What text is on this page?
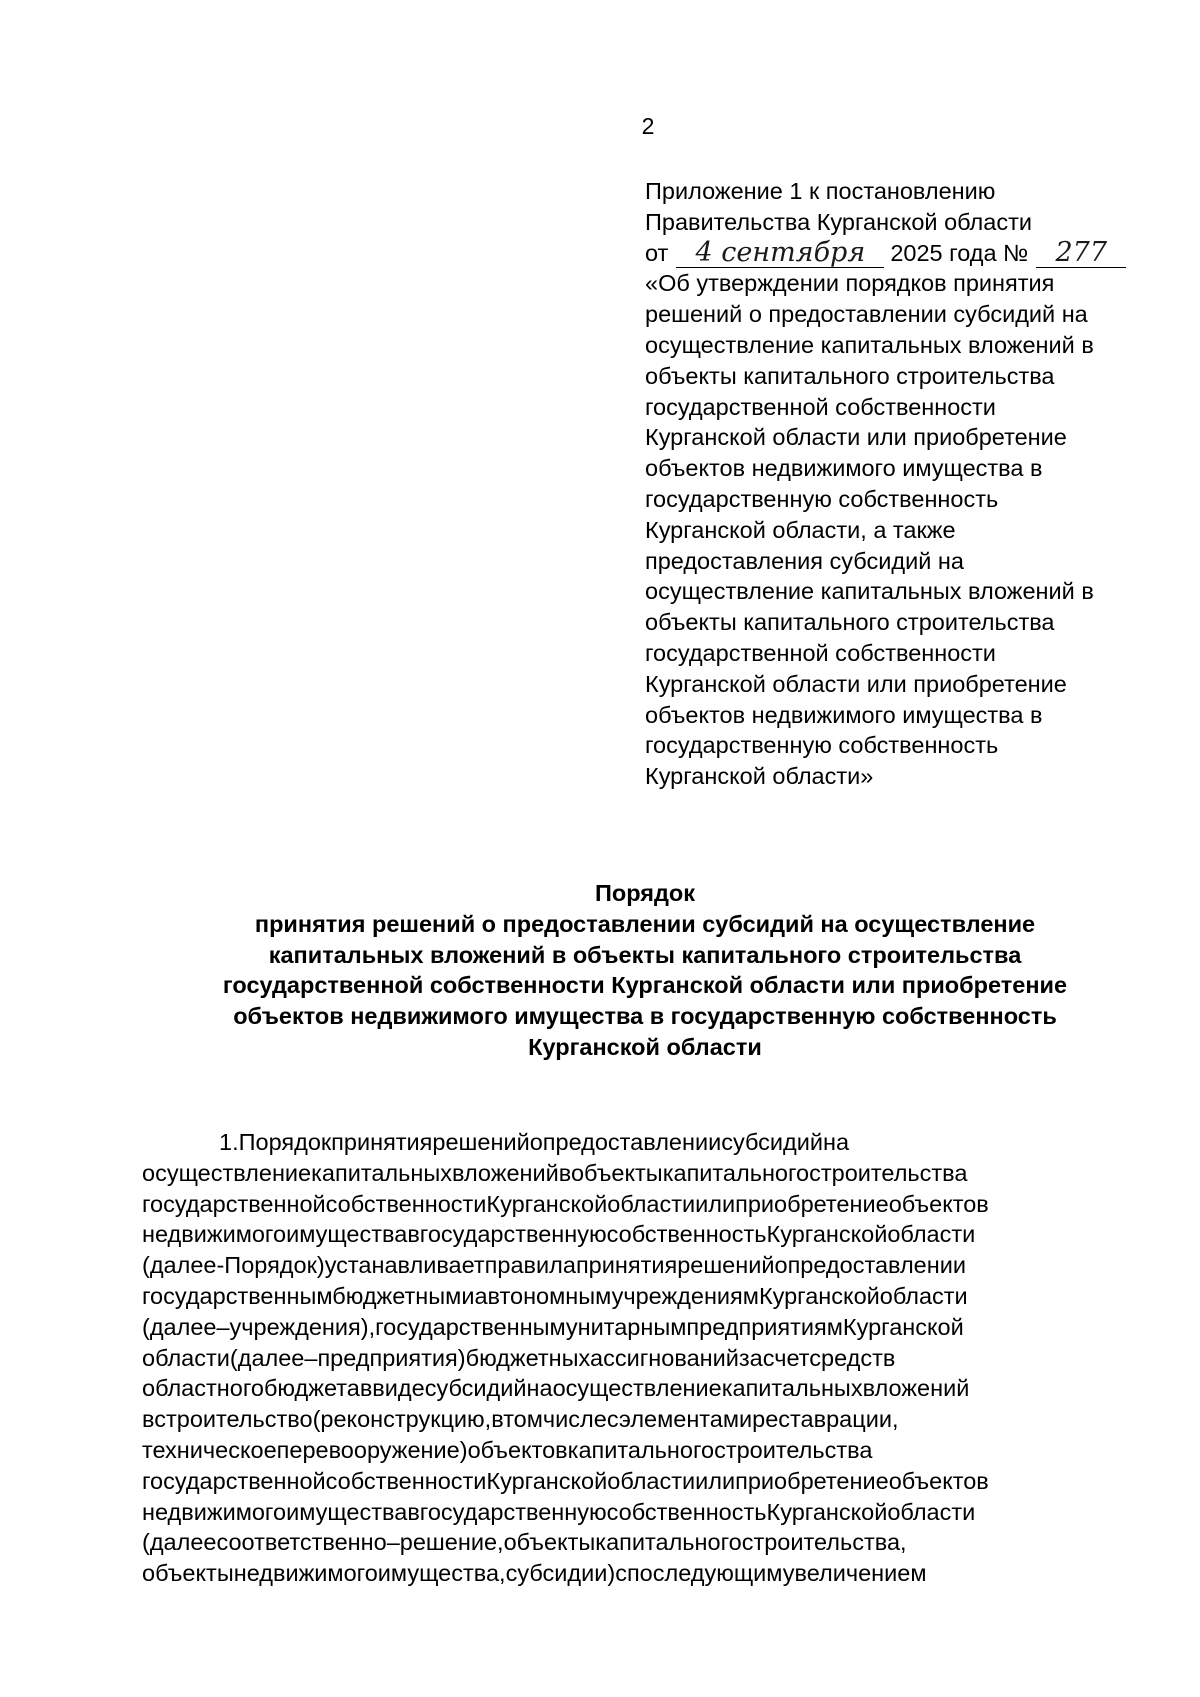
2
Приложение 1 к постановлению
Правительства Курганской области
от 4 сентября 2025 года № 277
«Об утверждении порядков принятия
решений о предоставлении субсидий на
осуществление капитальных вложений в
объекты капитального строительства
государственной собственности
Курганской области или приобретение
объектов недвижимого имущества в
государственную собственность
Курганской области, а также
предоставления субсидий на
осуществление капитальных вложений в
объекты капитального строительства
государственной собственности
Курганской области или приобретение
объектов недвижимого имущества в
государственную собственность
Курганской области»
Порядок
принятия решений о предоставлении субсидий на осуществление
капитальных вложений в объекты капитального строительства
государственной собственности Курганской области или приобретение
объектов недвижимого имущества в государственную собственность
Курганской области
1.Порядокпринятиярешенийопредоставлениисубсидийна
осуществлениекапитальныхвложенийвобъектыкапитальногостроительства
государственнойсобственностиКурганскойобластиилиприобретениеобъектов
недвижимогоимуществавгосударственнуюсобственностьКурганскойобласти
(далее-Порядок)устанавливаетправилапринятиярешенийопредоставлении
государственнымбюджетнымиавтономнымучреждениямКурганскойобласти
(далее–учреждения),государственнымунитарнымпредприятиямКурганской
области(далее–предприятия)бюджетныхассигнованийзасчетсредств
областногобюджетаввидесубсидийнаосуществлениекапитальныхвложений
встроительство(реконструкцию,втомчислесэлементамиреставрации,
техническоеперевооружение)объектовкапитальногостроительства
государственнойсобственностиКурганскойобластиилиприобретениеобъектов
недвижимогоимуществавгосударственнуюсобственностьКурганскойобласти
(далеесоответственно–решение,объектыкапитальногостроительства,
объектынедвижимогоимущества,субсидии)споследующимувеличением
